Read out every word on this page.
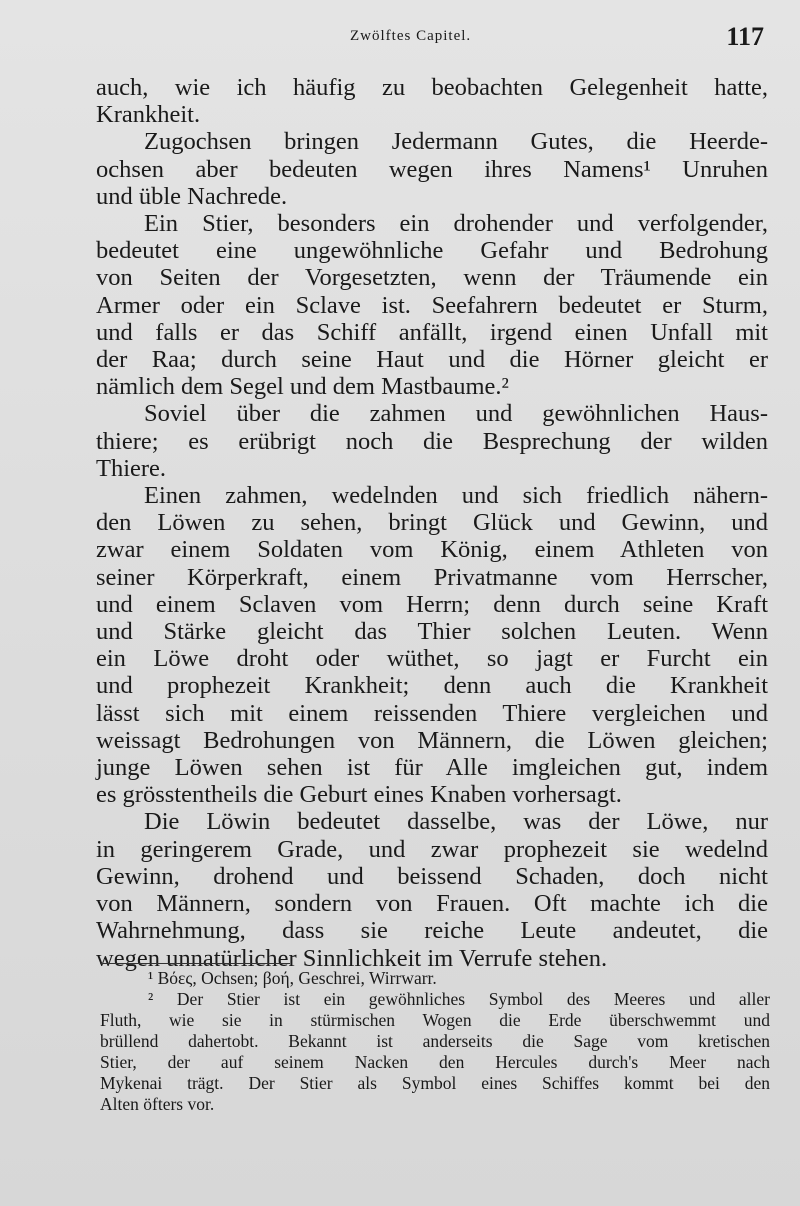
Zwölftes Capitel.	117

auch, wie ich häufig zu beobachten Gelegenheit hatte,
Krankheit.

Zugochsen bringen Jedermann Gutes, die Heerde-
ochsen aber bedeuten wegen ihres Namens¹ Unruhen
und üble Nachrede.

Ein Stier, besonders ein drohender und verfolgender,
bedeutet eine ungewöhnliche Gefahr und Bedrohung
von Seiten der Vorgesetzten, wenn der Träumende ein
Armer oder ein Sclave ist. Seefahrern bedeutet er Sturm,
und falls er das Schiff anfällt, irgend einen Unfall mit
der Raa; durch seine Haut und die Hörner gleicht er
nämlich dem Segel und dem Mastbaume.²

Soviel über die zahmen und gewöhnlichen Haus-
thiere; es erübrigt noch die Besprechung der wilden
Thiere.

Einen zahmen, wedelnden und sich friedlich nähern-
den Löwen zu sehen, bringt Glück und Gewinn, und
zwar einem Soldaten vom König, einem Athleten von
seiner Körperkraft, einem Privatmanne vom Herrscher,
und einem Sclaven vom Herrn; denn durch seine Kraft
und Stärke gleicht das Thier solchen Leuten. Wenn
ein Löwe droht oder wüthet, so jagt er Furcht ein
und prophezeit Krankheit; denn auch die Krankheit
lässt sich mit einem reissenden Thiere vergleichen und
weissagt Bedrohungen von Männern, die Löwen gleichen;
junge Löwen sehen ist für Alle imgleichen gut, indem
es grösstentheils die Geburt eines Knaben vorhersagt.

Die Löwin bedeutet dasselbe, was der Löwe, nur
in geringerem Grade, und zwar prophezeit sie wedelnd
Gewinn, drohend und beissend Schaden, doch nicht
von Männern, sondern von Frauen. Oft machte ich die
Wahrnehmung, dass sie reiche Leute andeutet, die
wegen unnatürlicher Sinnlichkeit im Verrufe stehen.

¹ Βόες, Ochsen; βοή, Geschrei, Wirrwarr.
² Der Stier ist ein gewöhnliches Symbol des Meeres und aller
Fluth, wie sie in stürmischen Wogen die Erde überschwemmt und
brüllend dahertobt. Bekannt ist anderseits die Sage vom kretischen
Stier, der auf seinem Nacken den Hercules durch's Meer nach
Mykenai trägt. Der Stier als Symbol eines Schiffes kommt bei den
Alten öfters vor.
